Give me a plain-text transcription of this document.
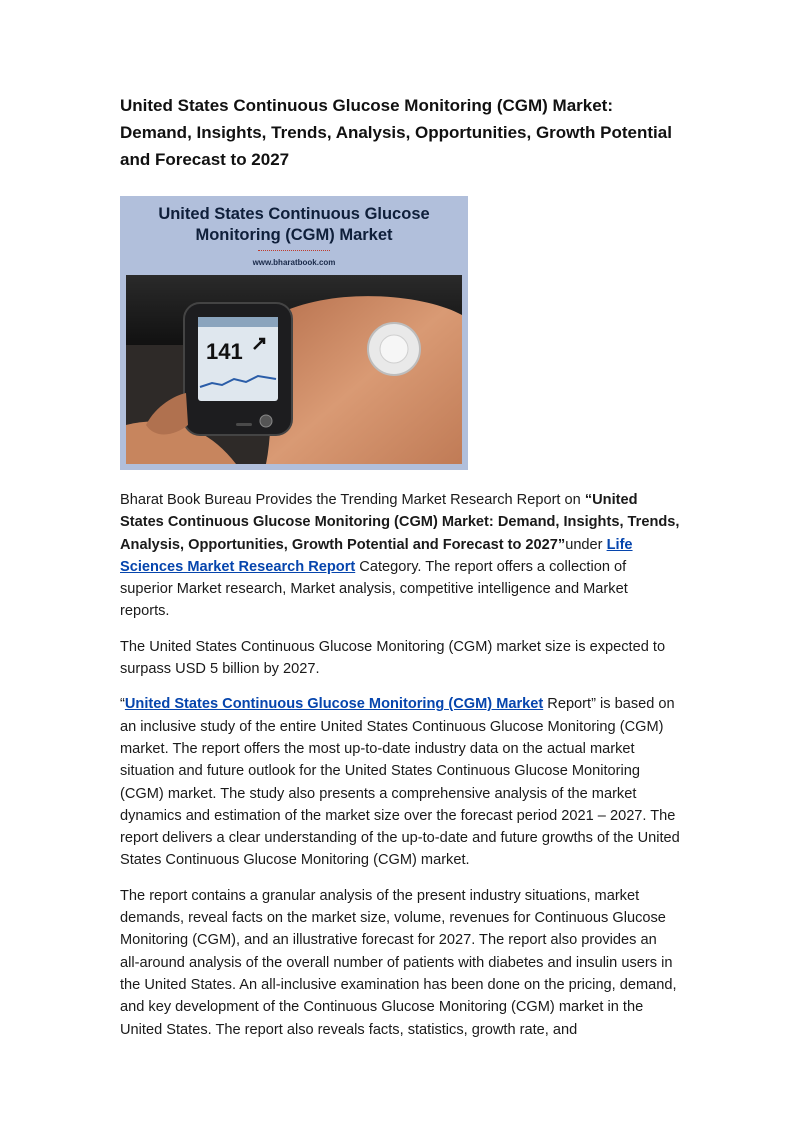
United States Continuous Glucose Monitoring (CGM) Market: Demand, Insights, Trends, Analysis, Opportunities, Growth Potential and Forecast to 2027
United States Continuous Glucose
Monitoring (CGM) Market
www.bharatbook.com
141

Bharat Book Bureau Provides the Trending Market Research Report on “United States Continuous Glucose Monitoring (CGM) Market: Demand, Insights, Trends, Analysis, Opportunities, Growth Potential and Forecast to 2027”under Life Sciences Market Research Report Category. The report offers a collection of superior Market research, Market analysis, competitive intelligence and Market reports.

The United States Continuous Glucose Monitoring (CGM) market size is expected to surpass USD 5 billion by 2027.

“United States Continuous Glucose Monitoring (CGM) Market Report” is based on an inclusive study of the entire United States Continuous Glucose Monitoring (CGM) market. The report offers the most up-to-date industry data on the actual market situation and future outlook for the United States Continuous Glucose Monitoring (CGM) market. The study also presents a comprehensive analysis of the market dynamics and estimation of the market size over the forecast period 2021 – 2027. The report delivers a clear understanding of the up-to-date and future growths of the United States Continuous Glucose Monitoring (CGM) market.

The report contains a granular analysis of the present industry situations, market demands, reveal facts on the market size, volume, revenues for Continuous Glucose Monitoring (CGM), and an illustrative forecast for 2027. The report also provides an all-around analysis of the overall number of patients with diabetes and insulin users in the United States. An all-inclusive examination has been done on the pricing, demand, and key development of the Continuous Glucose Monitoring (CGM) market in the United States. The report also reveals facts, statistics, growth rate, and
